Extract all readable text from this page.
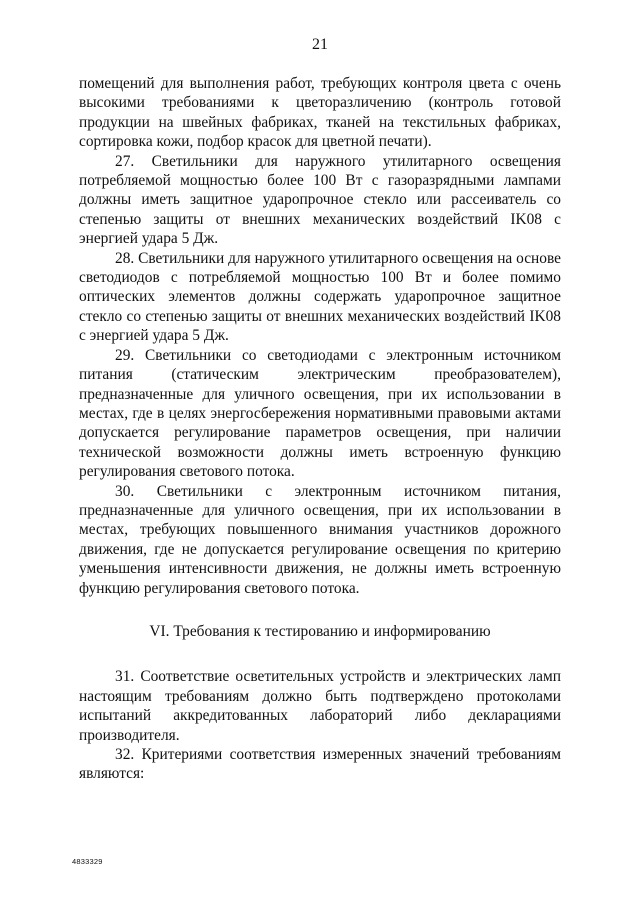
21

помещений для выполнения работ, требующих контроля цвета с очень высокими требованиями к цветоразличению (контроль готовой продукции на швейных фабриках, тканей на текстильных фабриках, сортировка кожи, подбор красок для цветной печати).

27. Светильники для наружного утилитарного освещения потребляемой мощностью более 100 Вт с газоразрядными лампами должны иметь защитное ударопрочное стекло или рассеиватель со степенью защиты от внешних механических воздействий IK08 с энергией удара 5 Дж.

28. Светильники для наружного утилитарного освещения на основе светодиодов с потребляемой мощностью 100 Вт и более помимо оптических элементов должны содержать ударопрочное защитное стекло со степенью защиты от внешних механических воздействий IK08 с энергией удара 5 Дж.

29. Светильники со светодиодами с электронным источником питания (статическим электрическим преобразователем), предназначенные для уличного освещения, при их использовании в местах, где в целях энергосбережения нормативными правовыми актами допускается регулирование параметров освещения, при наличии технической возможности должны иметь встроенную функцию регулирования светового потока.

30. Светильники с электронным источником питания, предназначенные для уличного освещения, при их использовании в местах, требующих повышенного внимания участников дорожного движения, где не допускается регулирование освещения по критерию уменьшения интенсивности движения, не должны иметь встроенную функцию регулирования светового потока.

VI. Требования к тестированию и информированию

31. Соответствие осветительных устройств и электрических ламп настоящим требованиям должно быть подтверждено протоколами испытаний аккредитованных лабораторий либо декларациями производителя.

32. Критериями соответствия измеренных значений требованиям являются:

4833329
